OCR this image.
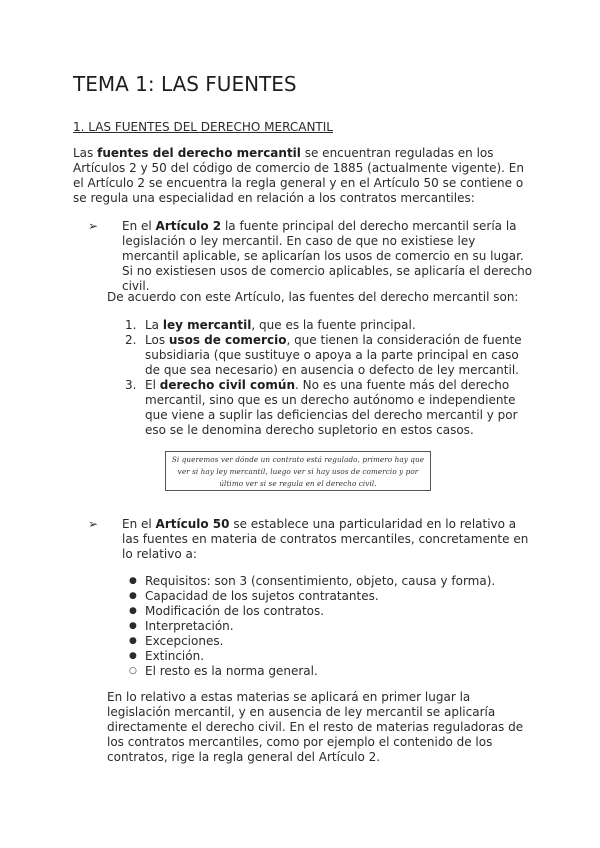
TEMA 1: LAS FUENTES
1. LAS FUENTES DEL DERECHO MERCANTIL

Las fuentes del derecho mercantil se encuentran reguladas en los Artículos 2 y 50 del código de comercio de 1885 (actualmente vigente). En el Artículo 2 se encuentra la regla general y en el Artículo 50 se contiene o se regula una especialidad en relación a los contratos mercantiles:

➢	En el Artículo 2 la fuente principal del derecho mercantil sería la legislación o ley mercantil. En caso de que no existiese ley mercantil aplicable, se aplicarían los usos de comercio en su lugar. Si no existiesen usos de comercio aplicables, se aplicaría el derecho civil.

De acuerdo con este Artículo, las fuentes del derecho mercantil son:

1. La ley mercantil, que es la fuente principal.
2. Los usos de comercio, que tienen la consideración de fuente subsidiaria (que sustituye o apoya a la parte principal en caso de que sea necesario) en ausencia o defecto de ley mercantil.
3. El derecho civil común. No es una fuente más del derecho mercantil, sino que es un derecho autónomo e independiente que viene a suplir las deficiencias del derecho mercantil y por eso se le denomina derecho supletorio en estos casos.
Si queremos ver dónde un contrato está regulado, primero hay que ver si hay ley mercantil, luego ver si hay usos de comercio y por último ver si se regula en el derecho civil.
➢	En el Artículo 50 se establece una particularidad en lo relativo a las fuentes en materia de contratos mercantiles, concretamente en lo relativo a:
● Requisitos: son 3 (consentimiento, objeto, causa y forma).
● Capacidad de los sujetos contratantes.
● Modificación de los contratos.
● Interpretación.
● Excepciones.
● Extinción.
○ El resto es la norma general.

En lo relativo a estas materias se aplicará en primer lugar la legislación mercantil, y en ausencia de ley mercantil se aplicaría directamente el derecho civil. En el resto de materias reguladoras de los contratos mercantiles, como por ejemplo el contenido de los contratos, rige la regla general del Artículo 2.
